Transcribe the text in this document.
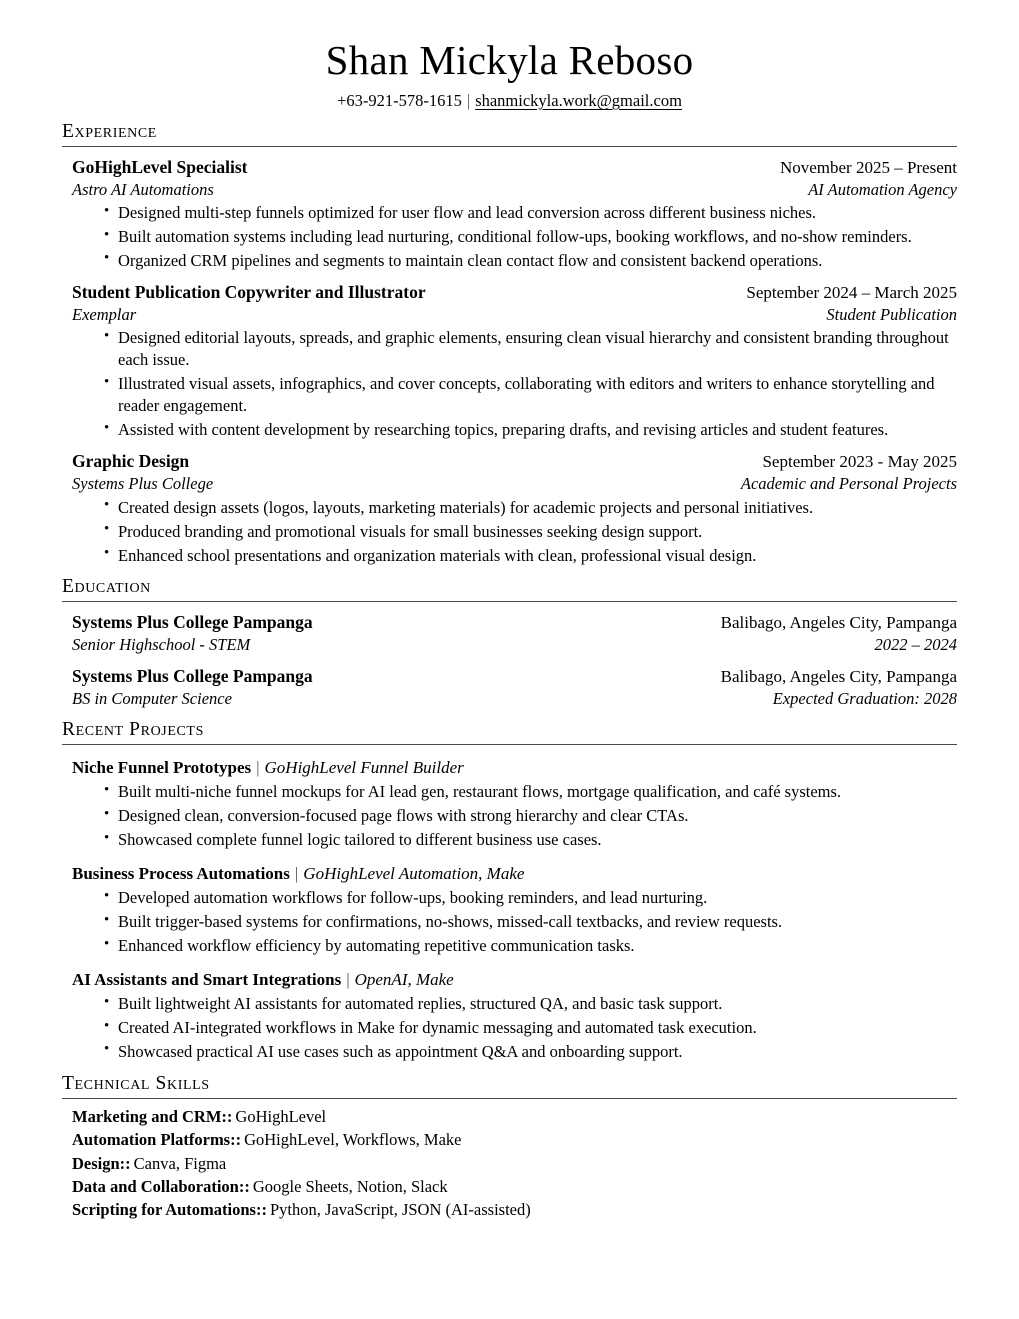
Shan Mickyla Reboso
+63-921-578-1615 | shanmickyla.work@gmail.com
Experience
GoHighLevel Specialist	November 2025 – Present
Astro AI Automations	AI Automation Agency
• Designed multi-step funnels optimized for user flow and lead conversion across different business niches.
• Built automation systems including lead nurturing, conditional follow-ups, booking workflows, and no-show reminders.
• Organized CRM pipelines and segments to maintain clean contact flow and consistent backend operations.
Student Publication Copywriter and Illustrator	September 2024 – March 2025
Exemplar	Student Publication
• Designed editorial layouts, spreads, and graphic elements, ensuring clean visual hierarchy and consistent branding throughout each issue.
• Illustrated visual assets, infographics, and cover concepts, collaborating with editors and writers to enhance storytelling and reader engagement.
• Assisted with content development by researching topics, preparing drafts, and revising articles and student features.
Graphic Design	September 2023 - May 2025
Systems Plus College	Academic and Personal Projects
• Created design assets (logos, layouts, marketing materials) for academic projects and personal initiatives.
• Produced branding and promotional visuals for small businesses seeking design support.
• Enhanced school presentations and organization materials with clean, professional visual design.
Education
Systems Plus College Pampanga	Balibago, Angeles City, Pampanga
Senior Highschool - STEM	2022 – 2024
Systems Plus College Pampanga	Balibago, Angeles City, Pampanga
BS in Computer Science	Expected Graduation: 2028
Recent Projects
Niche Funnel Prototypes | GoHighLevel Funnel Builder
• Built multi-niche funnel mockups for AI lead gen, restaurant flows, mortgage qualification, and café systems.
• Designed clean, conversion-focused page flows with strong hierarchy and clear CTAs.
• Showcased complete funnel logic tailored to different business use cases.
Business Process Automations | GoHighLevel Automation, Make
• Developed automation workflows for follow-ups, booking reminders, and lead nurturing.
• Built trigger-based systems for confirmations, no-shows, missed-call textbacks, and review requests.
• Enhanced workflow efficiency by automating repetitive communication tasks.
AI Assistants and Smart Integrations | OpenAI, Make
• Built lightweight AI assistants for automated replies, structured QA, and basic task support.
• Created AI-integrated workflows in Make for dynamic messaging and automated task execution.
• Showcased practical AI use cases such as appointment Q&A and onboarding support.
Technical Skills
Marketing and CRM:: GoHighLevel
Automation Platforms:: GoHighLevel, Workflows, Make
Design:: Canva, Figma
Data and Collaboration:: Google Sheets, Notion, Slack
Scripting for Automations:: Python, JavaScript, JSON (AI-assisted)
